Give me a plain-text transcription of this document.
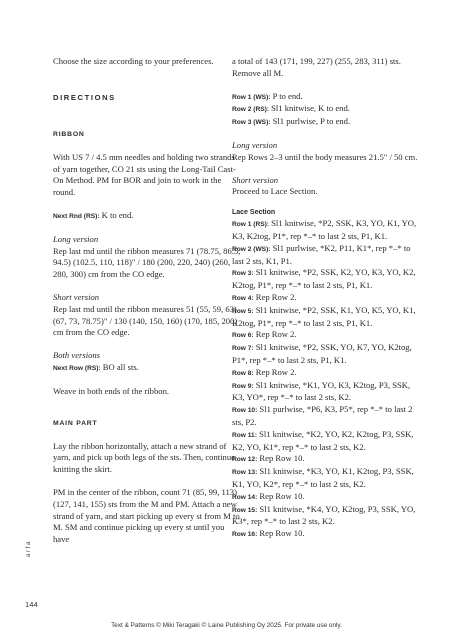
Choose the size according to your preferences.

DIRECTIONS
RIBBON

With US 7 / 4.5 mm needles and holding two strands of yarn together, CO 21 sts using the Long-Tail Cast-On Method. PM for BOR and join to work in the round.

Next Rnd (RS): K to end.

Long version

Rep last rnd until the ribbon measures 71 (78.75, 86.5, 94.5) (102.5, 110, 118)" / 180 (200, 220, 240) (260, 280, 300) cm from the CO edge.

Short version

Rep last rnd until the ribbon measures 51 (55, 59, 63) (67, 73, 78.75)" / 130 (140, 150, 160) (170, 185, 200) cm from the CO edge.

Both versions

Next Row (RS): BO all sts.

Weave in both ends of the ribbon.

MAIN PART

Lay the ribbon horizontally, attach a new strand of yarn, and pick up both legs of the sts. Then, continue knitting the skirt.

PM in the center of the ribbon, count 71 (85, 99, 113) (127, 141, 155) sts from the M and PM. Attach a new strand of yarn, and start picking up every st from M to M. SM and continue picking up every st until you have

a total of 143 (171, 199, 227) (255, 283, 311) sts. Remove all M.

Row 1 (WS): P to end.

Row 2 (RS): Sl1 knitwise, K to end.

Row 3 (WS): Sl1 purlwise, P to end.

Long version

Rep Rows 2–3 until the body measures 21.5" / 50 cm.

Short version

Proceed to Lace Section.

Lace Section

Row 1 (RS): Sl1 knitwise, *P2, SSK, K3, YO, K1, YO, K3, K2tog, P1*, rep *–* to last 2 sts, P1, K1.

Row 2 (WS): Sl1 purlwise, *K2, P11, K1*, rep *–* to last 2 sts, K1, P1.

Row 3: Sl1 knitwise, *P2, SSK, K2, YO, K3, YO, K2, K2tog, P1*, rep *–* to last 2 sts, P1, K1.

Row 4: Rep Row 2.

Row 5: Sl1 knitwise, *P2, SSK, K1, YO, K5, YO, K1, K2tog, P1*, rep *–* to last 2 sts, P1, K1.

Row 6: Rep Row 2.

Row 7: Sl1 knitwise, *P2, SSK, YO, K7, YO, K2tog, P1*, rep *–* to last 2 sts, P1, K1.

Row 8: Rep Row 2.

Row 9: Sl1 knitwise, *K1, YO, K3, K2tog, P3, SSK, K3, YO*, rep *–* to last 2 sts, K2.

Row 10: Sl1 purlwise, *P6, K3, P5*, rep *–* to last 2 sts, P2.

Row 11: Sl1 knitwise, *K2, YO, K2, K2tog, P3, SSK, K2, YO, K1*, rep *–* to last 2 sts, K2.

Row 12: Rep Row 10.

Row 13: Sl1 knitwise, *K3, YO, K1, K2tog, P3, SSK, K1, YO, K2*, rep *–* to last 2 sts, K2.

Row 14: Rep Row 10.

Row 15: Sl1 knitwise, *K4, YO, K2tog, P3, SSK, YO, K3*, rep *–* to last 2 sts, K2.

Row 16: Rep Row 10.

arfa
144
Text & Patterns © Miki Teragaki © Laine Publishing Oy 2025. For private use only.
